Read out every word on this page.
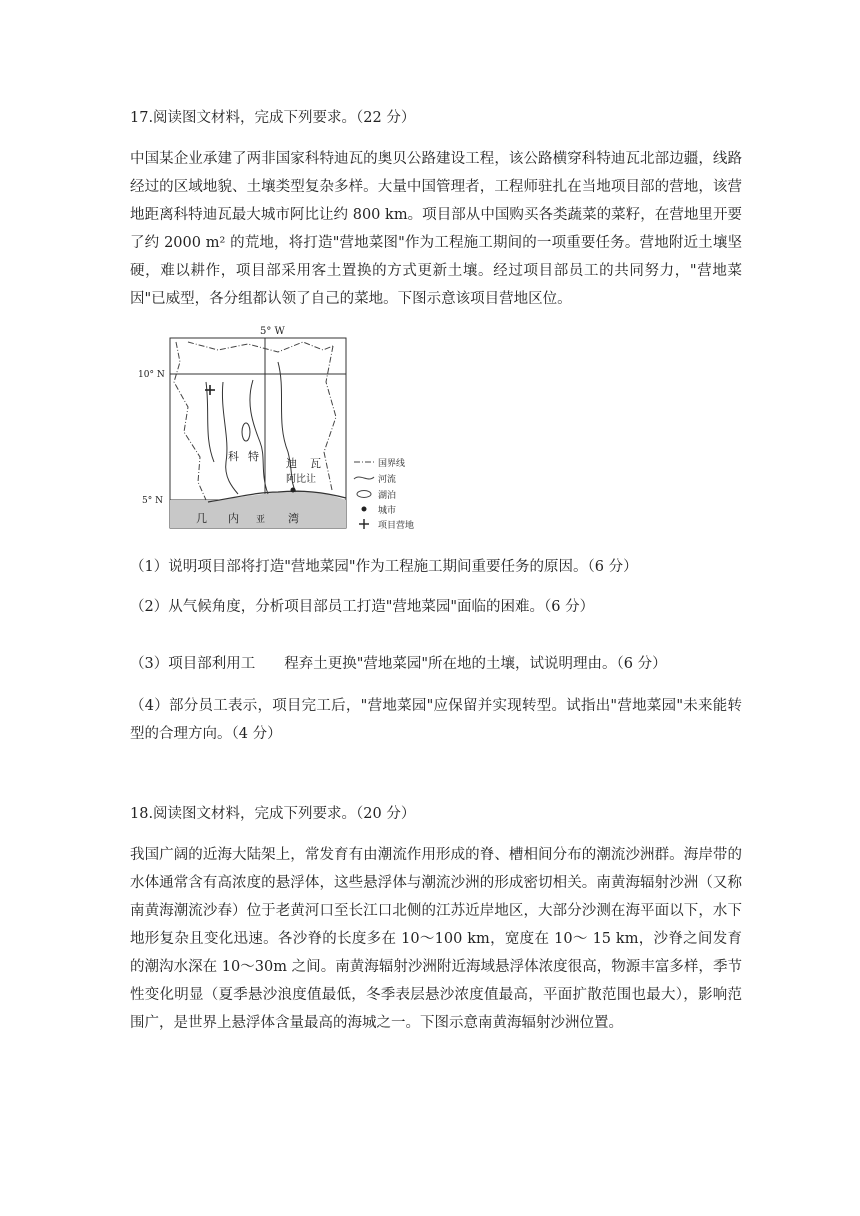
17.阅读图文材料，完成下列要求。（22 分）

中国某企业承建了两非国家科特迪瓦的奥贝公路建设工程，该公路横穿科特迪瓦北部边疆，线路经过的区域地貌、土壤类型复杂多样。大量中国管理者，工程师驻扎在当地项目部的营地，该营地距离科特迪瓦最大城市阿比让约 800 km。项目部从中国购买各类蔬菜的菜籽，在营地里开要了约 2000 m² 的荒地，将打造"营地菜图"作为工程施工期间的一项重要任务。营地附近土壤坚硬，难以耕作，项目部采用客土置换的方式更新土壤。经过项目部员工的共同努力，"营地菜因"已威型，各分组都认领了自己的菜地。下图示意该项目营地区位。

5° W
10° N
5° N
科 特
迪 瓦
阿比让
几 内 亚 湾
国界线
河流
湖泊
城市
项目营地

（1）说明项目部将打造"营地菜园"作为工程施工期间重要任务的原因。（6 分）

（2）从气候角度，分析项目部员工打造"营地菜园"面临的困难。（6 分）

（3）项目部利用工　　程弃土更换"营地菜园"所在地的土壤，试说明理由。（6 分）

（4）部分员工表示，项目完工后，"营地菜园"应保留并实现转型。试指出"营地菜园"未来能转型的合理方向。（4 分）

18.阅读图文材料，完成下列要求。（20 分）

我国广阔的近海大陆架上，常发育有由潮流作用形成的脊、槽相间分布的潮流沙洲群。海岸带的水体通常含有高浓度的悬浮体，这些悬浮体与潮流沙洲的形成密切相关。南黄海辐射沙洲（又称南黄海潮流沙春）位于老黄河口至长江口北侧的江苏近岸地区，大部分沙测在海平面以下，水下地形复杂且变化迅速。各沙脊的长度多在 10～100 km，宽度在 10～ 15 km，沙脊之间发育的潮沟水深在 10～30m 之间。南黄海辐射沙洲附近海域悬浮体浓度很高，物源丰富多样，季节性变化明显（夏季悬沙浪度值最低，冬季表层悬沙浓度值最高，平面扩散范围也最大），影响范围广，是世界上悬浮体含量最高的海城之一。下图示意南黄海辐射沙洲位置。
